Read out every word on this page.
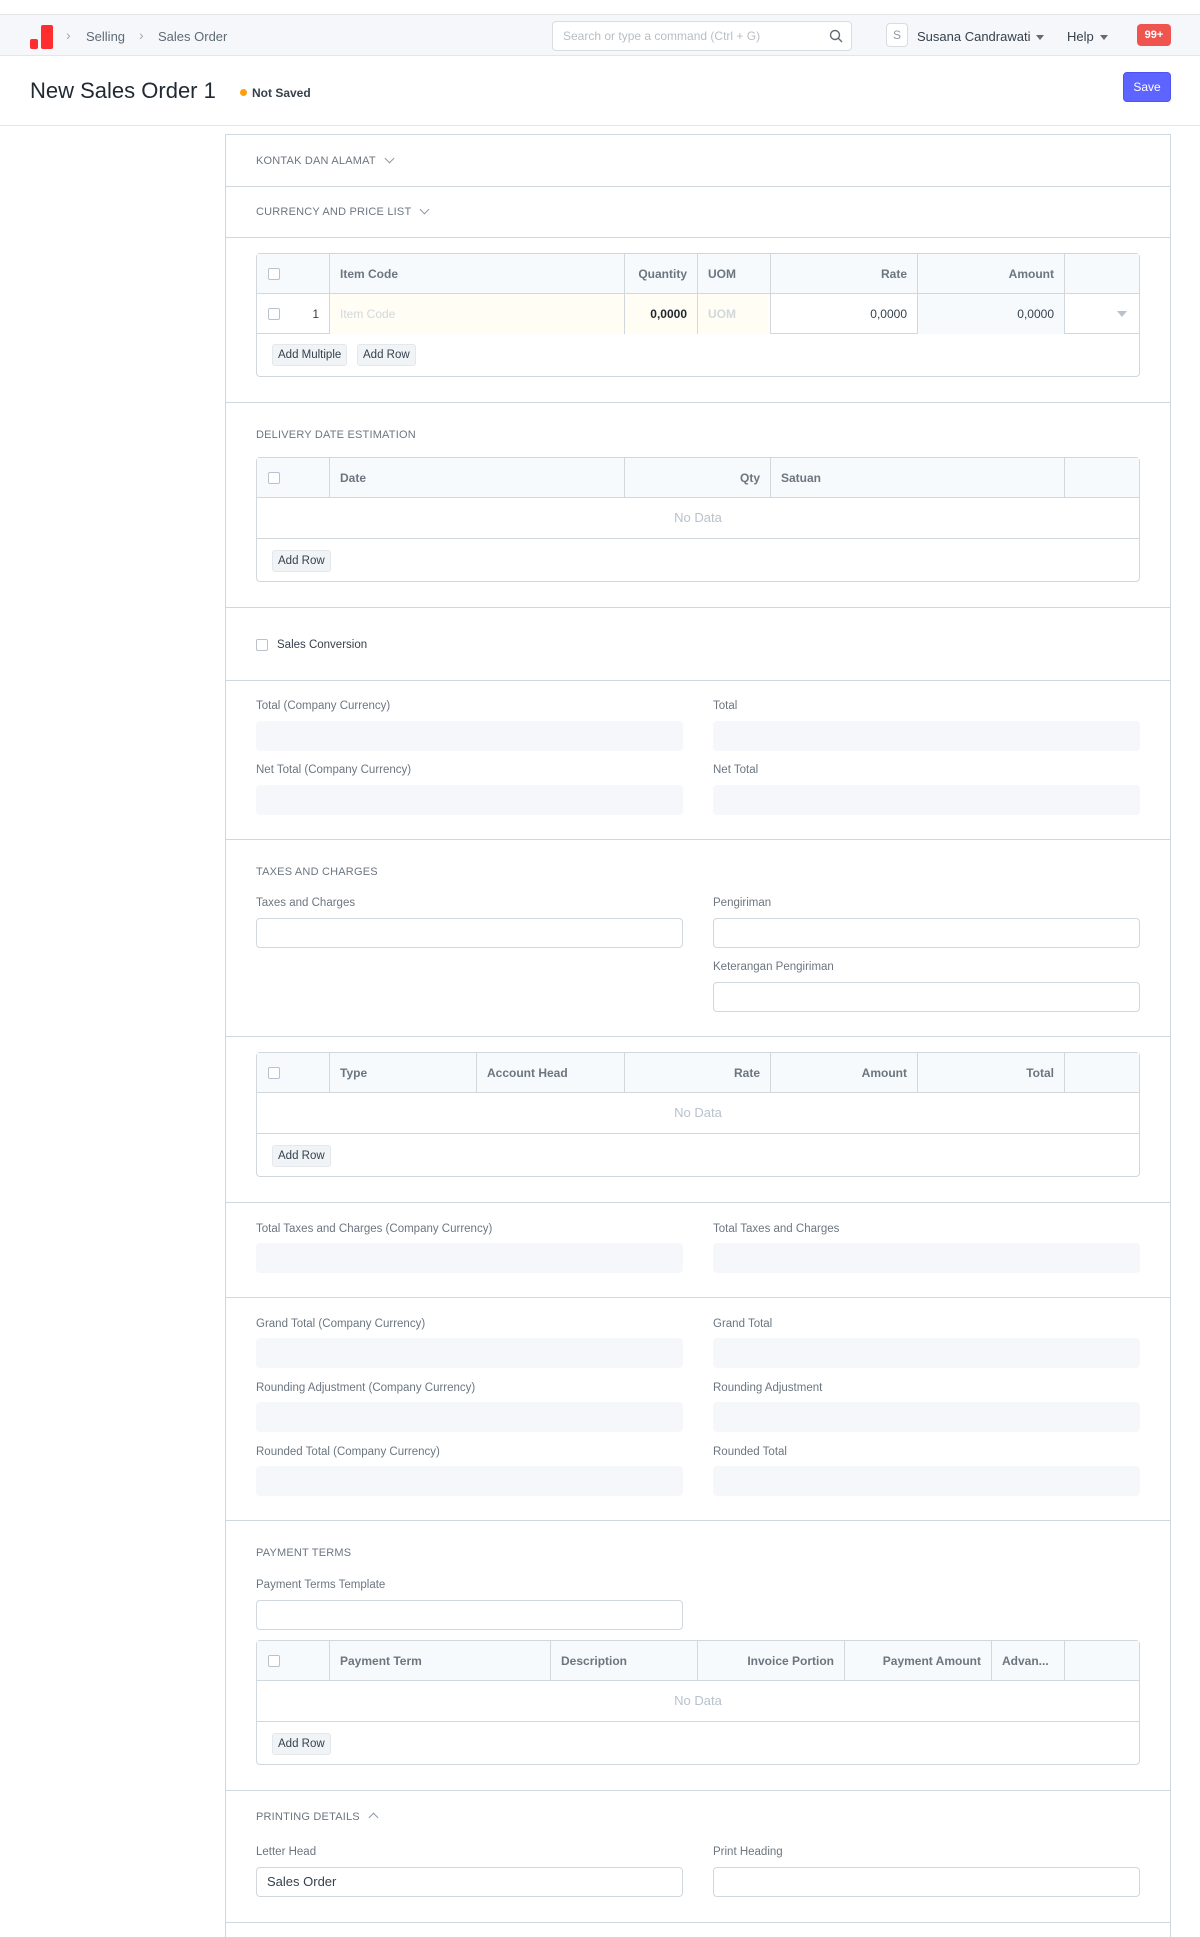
› Selling › Sales Order
Search or type a command (Ctrl + G)	S	Susana Candrawati	Help	99+
New Sales Order 1	Not Saved	Save
KONTAK DAN ALAMAT
CURRENCY AND PRICE LIST
Item Code	Quantity	UOM	Rate	Amount
1	Item Code	0,0000	UOM	0,0000	0,0000
Add Multiple	Add Row
DELIVERY DATE ESTIMATION
Date	Qty	Satuan
No Data
Add Row
Sales Conversion
Total (Company Currency)	Total
Net Total (Company Currency)	Net Total
TAXES AND CHARGES
Taxes and Charges	Pengiriman
Keterangan Pengiriman
Type	Account Head	Rate	Amount	Total
No Data
Add Row
Total Taxes and Charges (Company Currency)	Total Taxes and Charges
Grand Total (Company Currency)	Grand Total
Rounding Adjustment (Company Currency)	Rounding Adjustment
Rounded Total (Company Currency)	Rounded Total
PAYMENT TERMS
Payment Terms Template
Payment Term	Description	Invoice Portion	Payment Amount	Advan...
No Data
Add Row
PRINTING DETAILS
Letter Head
Sales Order
Print Heading
